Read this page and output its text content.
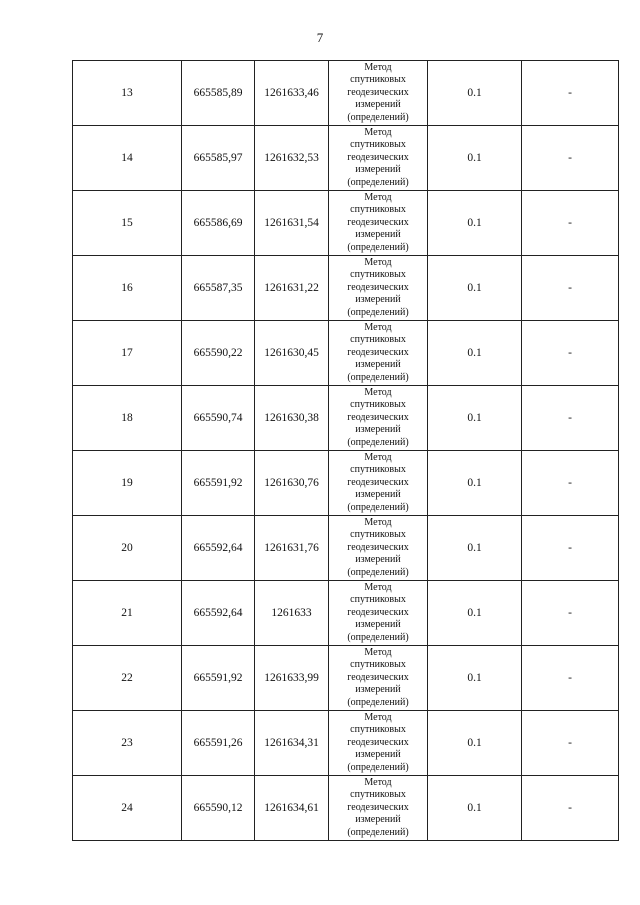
7
13	665585,89	1261633,46	Метод
спутниковых
геодезических
измерений
(определений)	0.1	-
14	665585,97	1261632,53	Метод
спутниковых
геодезических
измерений
(определений)	0.1	-
15	665586,69	1261631,54	Метод
спутниковых
геодезических
измерений
(определений)	0.1	-
16	665587,35	1261631,22	Метод
спутниковых
геодезических
измерений
(определений)	0.1	-
17	665590,22	1261630,45	Метод
спутниковых
геодезических
измерений
(определений)	0.1	-
18	665590,74	1261630,38	Метод
спутниковых
геодезических
измерений
(определений)	0.1	-
19	665591,92	1261630,76	Метод
спутниковых
геодезических
измерений
(определений)	0.1	-
20	665592,64	1261631,76	Метод
спутниковых
геодезических
измерений
(определений)	0.1	-
21	665592,64	1261633	Метод
спутниковых
геодезических
измерений
(определений)	0.1	-
22	665591,92	1261633,99	Метод
спутниковых
геодезических
измерений
(определений)	0.1	-
23	665591,26	1261634,31	Метод
спутниковых
геодезических
измерений
(определений)	0.1	-
24	665590,12	1261634,61	Метод
спутниковых
геодезических
измерений
(определений)	0.1	-
